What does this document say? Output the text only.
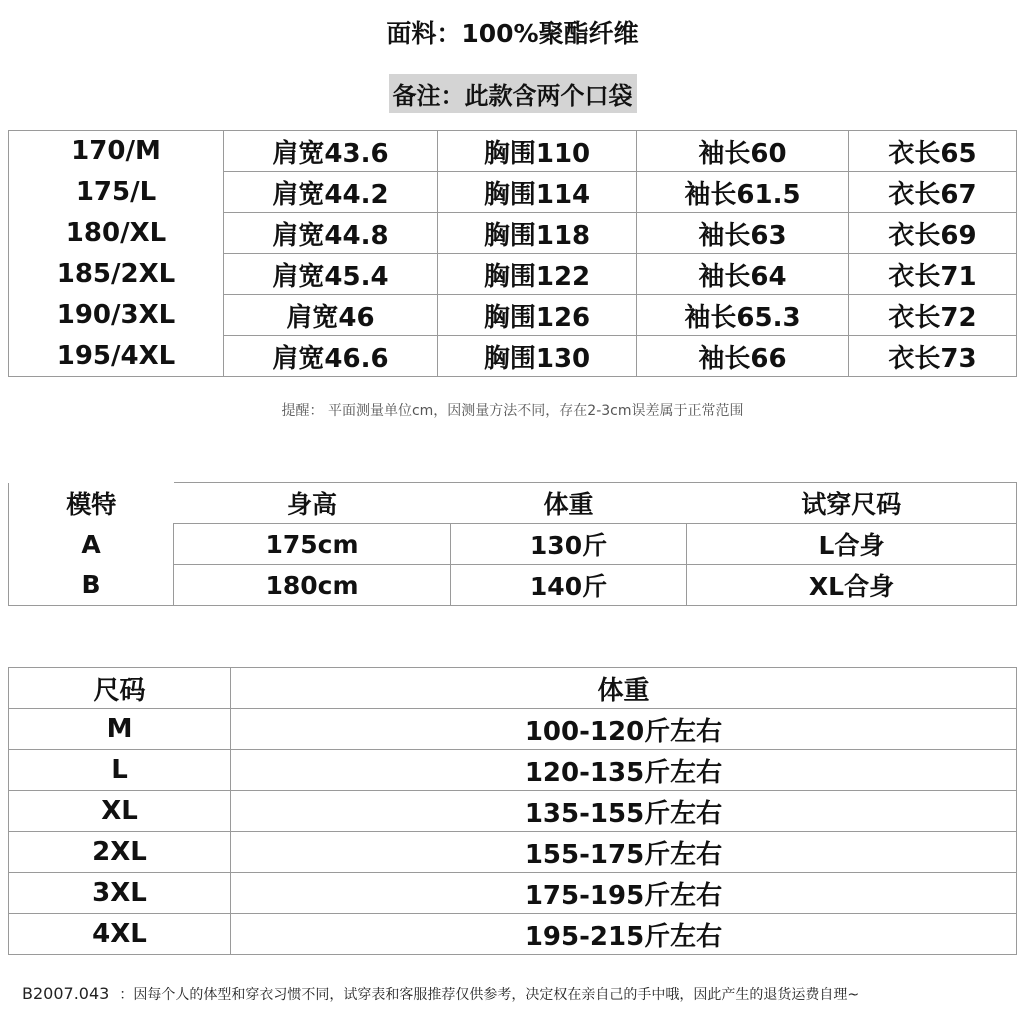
面料：100%聚酯纤维
备注：此款含两个口袋
170/M	肩宽43.6	胸围110	袖长60	衣长65
175/L	肩宽44.2	胸围114	袖长61.5	衣长67
180/XL	肩宽44.8	胸围118	袖长63	衣长69
185/2XL	肩宽45.4	胸围122	袖长64	衣长71
190/3XL	肩宽46	胸围126	袖长65.3	衣长72
195/4XL	肩宽46.6	胸围130	袖长66	衣长73
提醒： 平面测量单位cm，因测量方法不同，存在2-3cm误差属于正常范围
模特	身高	体重	试穿尺码
A	175cm	130斤	L合身
B	180cm	140斤	XL合身
尺码	体重
M	100-120斤左右
L	120-135斤左右
XL	135-155斤左右
2XL	155-175斤左右
3XL	175-195斤左右
4XL	195-215斤左右
B2007.043 ：因每个人的体型和穿衣习惯不同，试穿表和客服推荐仅供参考，决定权在亲自己的手中哦，因此产生的退货运费自理~
